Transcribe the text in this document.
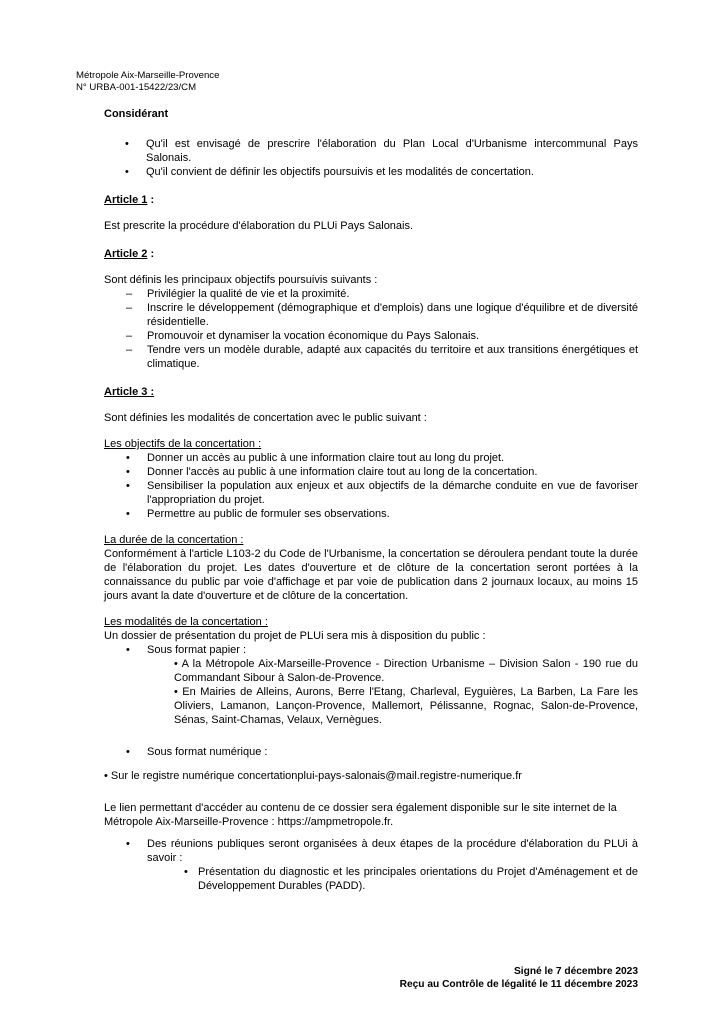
Métropole Aix-Marseille-Provence
N° URBA-001-15422/23/CM

Considérant

• Qu'il est envisagé de prescrire l'élaboration du Plan Local d'Urbanisme intercommunal Pays Salonais.
• Qu'il convient de définir les objectifs poursuivis et les modalités de concertation.

Article 1 :

Est prescrite la procédure d'élaboration du PLUi Pays Salonais.

Article 2 :

Sont définis les principaux objectifs poursuivis suivants :

– Privilégier la qualité de vie et la proximité.
– Inscrire le développement (démographique et d'emplois) dans une logique d'équilibre et de diversité résidentielle.
– Promouvoir et dynamiser la vocation économique du Pays Salonais.
– Tendre vers un modèle durable, adapté aux capacités du territoire et aux transitions énergétiques et climatique.

Article 3 :

Sont définies les modalités de concertation avec le public suivant :

Les objectifs de la concertation :

• Donner un accès au public à une information claire tout au long du projet.
• Donner l'accès au public à une information claire tout au long de la concertation.
• Sensibiliser la population aux enjeux et aux objectifs de la démarche conduite en vue de favoriser l'appropriation du projet.
• Permettre au public de formuler ses observations.

La durée de la concertation :

Conformément à l'article L103-2 du Code de l'Urbanisme, la concertation se déroulera pendant toute la durée de l'élaboration du projet. Les dates d'ouverture et de clôture de la concertation seront portées à la connaissance du public par voie d'affichage et par voie de publication dans 2 journaux locaux, au moins 15 jours avant la date d'ouverture et de clôture de la concertation.

Les modalités de la concertation :

Un dossier de présentation du projet de PLUi sera mis à disposition du public :

• Sous format papier :

• A la Métropole Aix-Marseille-Provence - Direction Urbanisme – Division Salon - 190 rue du Commandant Sibour à Salon-de-Provence.

• En Mairies de Alleins, Aurons, Berre l'Etang, Charleval, Eyguières, La Barben, La Fare les Oliviers, Lamanon, Lançon-Provence, Mallemort, Pélissanne, Rognac, Salon-de-Provence, Sénas, Saint-Chamas, Velaux, Vernègues.

• Sous format numérique :

• Sur le registre numérique concertationplui-pays-salonais@mail.registre-numerique.fr

Le lien permettant d'accéder au contenu de ce dossier sera également disponible sur le site internet de la Métropole Aix-Marseille-Provence : https://ampmetropole.fr.

• Des réunions publiques seront organisées à deux étapes de la procédure d'élaboration du PLUi à savoir :
• Présentation du diagnostic et les principales orientations du Projet d'Aménagement et de Développement Durables (PADD).
Signé le 7 décembre 2023
Reçu au Contrôle de légalité le 11 décembre 2023
